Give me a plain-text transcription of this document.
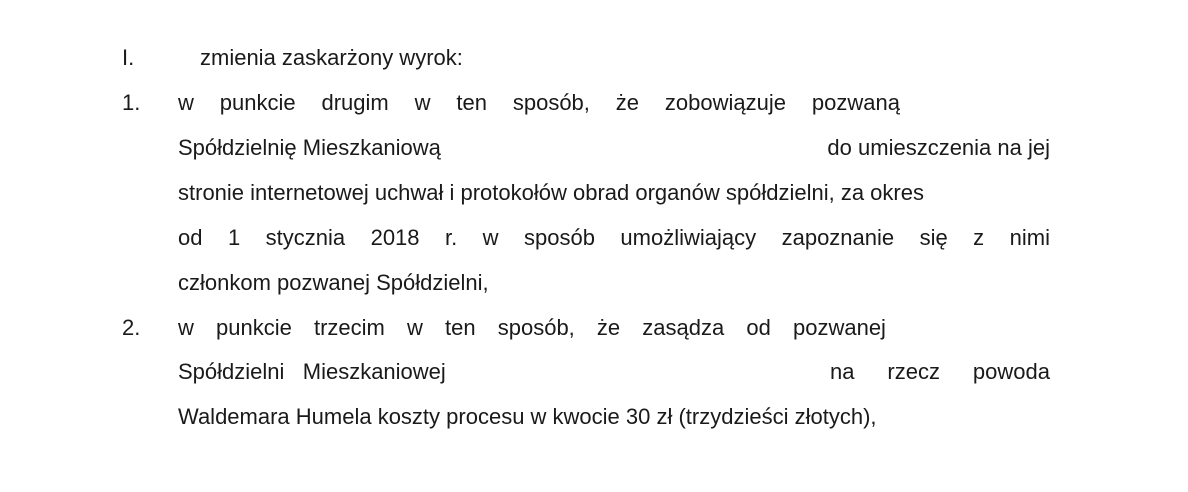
I.	zmienia zaskarżony wyrok:
1. w punkcie drugim w ten sposób, że zobowiązuje pozwaną
Spółdzielnię Mieszkaniową	do umieszczenia na jej
stronie internetowej uchwał i protokołów obrad organów spółdzielni, za okres
od 1 stycznia 2018 r. w sposób umożliwiający zapoznanie się z nimi
członkom pozwanej Spółdzielni,
2. w punkcie trzecim w ten sposób, że zasądza od pozwanej
Spółdzielni   Mieszkaniowej	na rzecz powoda
Waldemara Humela koszty procesu w kwocie 30 zł (trzydzieści złotych),
